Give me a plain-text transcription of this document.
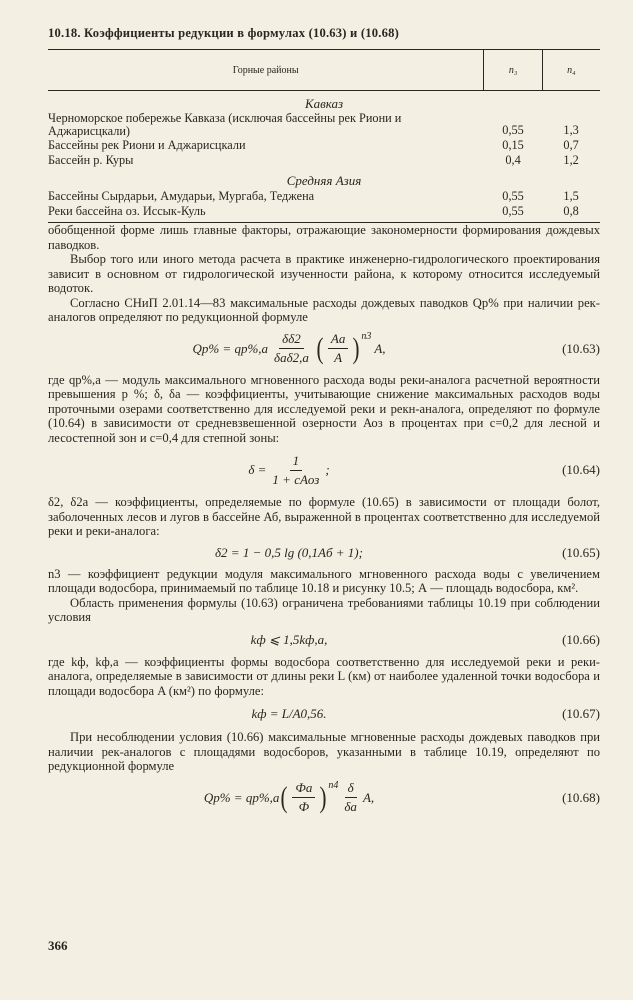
10.18. Коэффициенты редукции в формулах (10.63) и (10.68)
Горные районы	n₃	n₄
Кавказ		
Черноморское побережье Кавказа (исключая бассейны рек Риони и Аджарисцкали)	0,55	1,3
Бассейны рек Риони и Аджарисцкали	0,15	0,7
Бассейн р. Куры	0,4	1,2
Средняя Азия		
Бассейны Сырдарьи, Амударьи, Мургаба, Теджена	0,55	1,5
Реки бассейна оз. Иссык-Куль	0,55	0,8

обобщенной форме лишь главные факторы, отражающие закономерности формирования дождевых паводков.

Выбор того или иного метода расчета в практике инженерно-гидрологического проектирования зависит в основном от гидрологической изученности района, к которому относится исследуемый водоток.

Согласно СНиП 2.01.14—83 максимальные расходы дождевых паводков Qp% при наличии рек-аналогов определяют по редукционной формуле

$Qp\% = qp\%,а \frac{\delta\delta 2}{\text{δаδ2,а}}$ ( $\frac{Aа}{A} )^{n3}$
A,	(10.63)

где qp%,а — модуль максимального мгновенного расхода воды реки-аналога расчетной вероятности превышения p %; δ, δа — коэффициенты, учитывающие снижение максимальных расходов воды проточными озерами соответственно для исследуемой реки и рекн-аналога, определяют по формуле (10.64) в зависимости от средневзвешенной озерности Аоз в процентах при c=0,2 для лесной и лесостепной зон и c=0,4 для степной зоны:

$\delta = \frac{1}{\text{1 + cAоз}}$ ;	(10.64)

δ2, δ2а — коэффициенты, определяемые по формуле (10.65) в зависимости от площади болот, заболоченных лесов и лугов в бассейне Аб, выраженной в процентах соответственно для исследуемой реки и реки-аналога:

δ2 = 1 − 0,5 lg (0,1Aб + 1);	(10.65)

n3 — коэффициент редукции модуля максимального мгновенного расхода воды с увеличением площади водосбора, принимаемый по таблице 10.18 и рисунку 10.5; А — площадь водосбора, км².

Область применения формулы (10.63) ограничена требованиями таблицы 10.19 при соблюдении условия

kф ⩽ 1,5kф,а,	(10.66)

где kф, kф,а — коэффициенты формы водосбора соответственно для исследуемой реки и реки-аналога, определяемые в зависимости от длины реки L (км) от наиболее удаленной точки водосбора и площади водосбора A (км²) по формуле:

kф = L/A0,56.	(10.67)

При несоблюдении условия (10.66) максимальные мгновенные расходы дождевых паводков при наличии рек-аналогов с площадями водосборов, указанными в таблице 10.19, определяют по редукционной формуле

Qp% = qp%,а ( $\frac{Фа}{Ф} )^{n4} \frac{\delta}{\delta а} A$,	(10.68)
366
